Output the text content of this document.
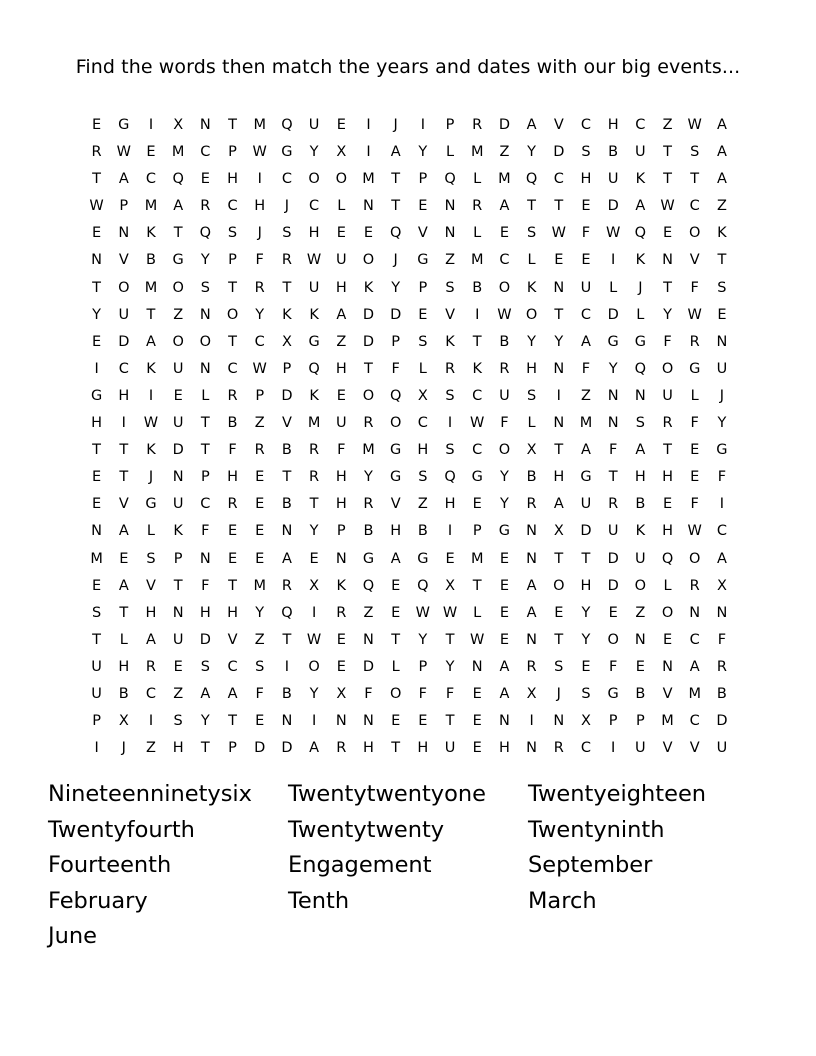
Find the words then match the years and dates with our big events...
E	G	I	X	N	T	M	Q	U	E	I	J	I	P	R	D	A	V	C	H	C	Z	W	A
R	W	E	M	C	P	W G	Y	X	I	A	Y	L	M	Z	Y	D	S	B	U	T	S	A
T	A	C	Q	E	H	I	C	O	O	M	T	P	Q	L	M	Q	C	H	U	K	T	T	A
W	P	M	A	R	C	H	J	C	L	N	T	E	N	R	A	T	T	E	D	A	W	C	Z
E	N	K	T	Q	S	J	S	H	E	E	Q	V	N	L	E	S	W	F	W Q	E	O	K
N	V	B	G	Y	P	F	R	W	U	O	J	G	Z	M	C	L	E	E	I	K	N	V	T
T	O	M	O	S	T	R	T	U	H	K	Y	P	S	B	O	K	N	U	L	J	T	F	S
Y	U	T	Z	N	O	Y	K	K	A	D	D	E	V	I	W O	T	C	D	L	Y	W	E
E	D	A	O	O	T	C	X	G	Z	D	P	S	K	T	B	Y	Y	A	G	G	F	R	N
I	C	K	U	N	C	W	P	Q	H	T	F	L	R	K	R	H	N	F	Y	Q	O	G	U
G	H	I	E	L	R	P	D	K	E	O	Q	X	S	C	U	S	I	Z	N	N	U	L	J
H	I	W	U	T	B	Z	V	M	U	R	O	C	I	W	F	L	N	M	N	S	R	F	Y
T	T	K	D	T	F	R	B	R	F	M	G	H	S	C	O	X	T	A	F	A	T	E	G
E	T	J	N	P	H	E	T	R	H	Y	G	S	Q	G	Y	B	H	G	T	H	H	E	F
E	V	G	U	C	R	E	B	T	H	R	V	Z	H	E	Y	R	A	U	R	B	E	F	I
N	A	L	K	F	E	E	N	Y	P	B	H	B	I	P	G	N	X	D	U	K	H	W	C
M	E	S	P	N	E	E	A	E	N	G	A	G	E	M	E	N	T	T	D	U	Q	O	A
E	A	V	T	F	T	M	R	X	K	Q	E	Q	X	T	E	A	O	H	D	O	L	R	X
S	T	H	N	H	H	Y	Q	I	R	Z	E	W W	L	E	A	E	Y	E	Z	O	N	N
T	L	A	U	D	V	Z	T	W	E	N	T	Y	T	W	E	N	T	Y	O	N	E	C	F
U	H	R	E	S	C	S	I	O	E	D	L	P	Y	N	A	R	S	E	F	E	N	A	R
U	B	C	Z	A	A	F	B	Y	X	F	O	F	F	E	A	X	J	S	G	B	V	M	B
P	X	I	S	Y	T	E	N	I	N	N	E	E	T	E	N	I	N	X	P	P	M	C	D
I	J	Z	H	T	P	D	D	A	R	H	T	H	U	E	H	N	R	C	I	U	V	V	U
Nineteenninetysix	Twentytwentyone	Twentyeighteen
Twentyfourth	Twentytwenty	Twentyninth
Fourteenth	Engagement	September
February	Tenth	March
June
